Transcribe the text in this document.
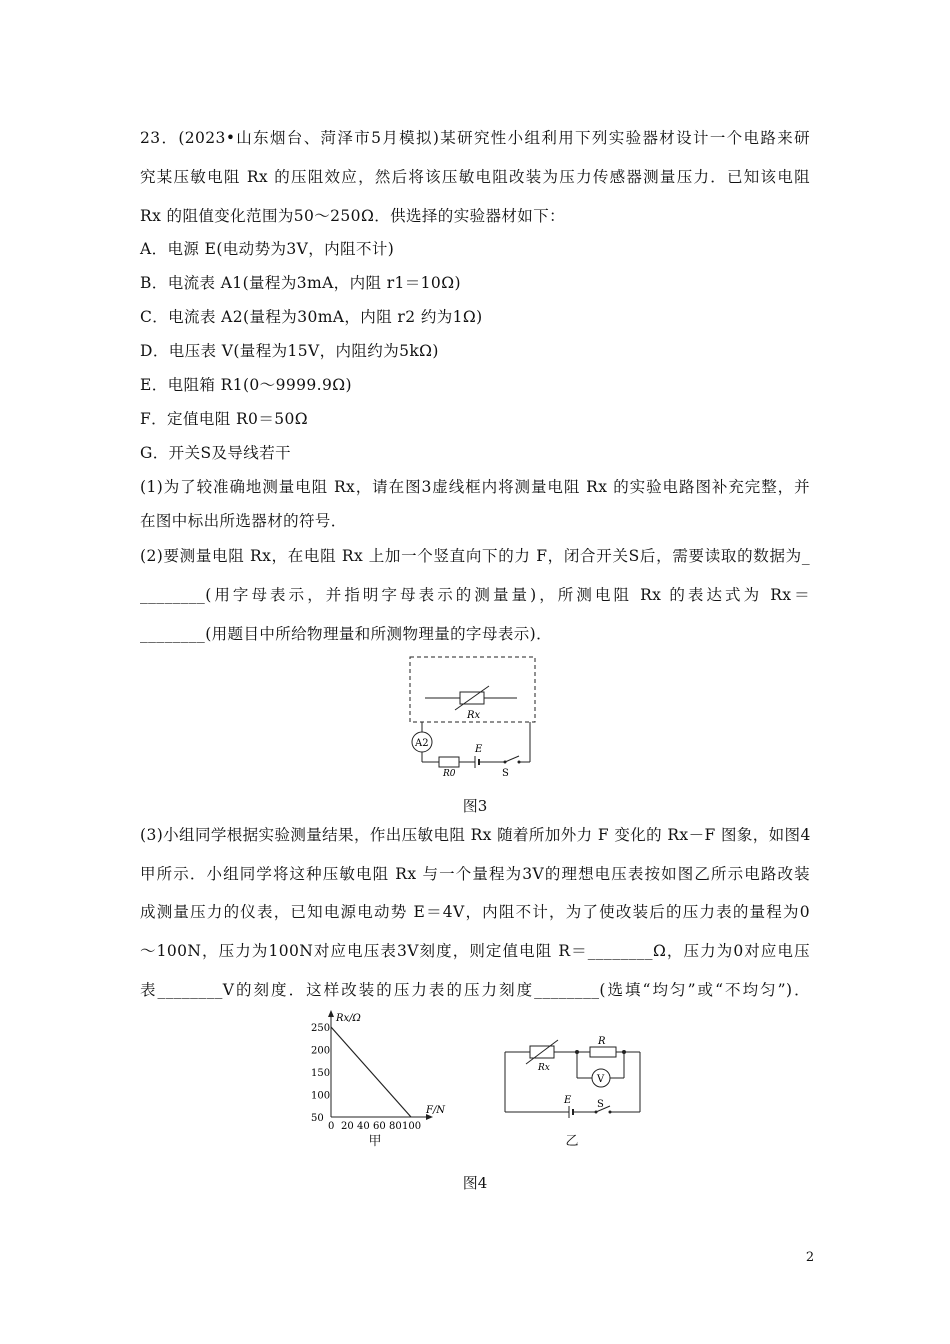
23．(2023•山东烟台、菏泽市5月模拟)某研究性小组利用下列实验器材设计一个电路来研
究某压敏电阻 Rx 的压阻效应，然后将该压敏电阻改装为压力传感器测量压力．已知该电阻
Rx 的阻值变化范围为50～250Ω．供选择的实验器材如下：
A．电源 E(电动势为3V，内阻不计)
B．电流表 A1(量程为3mA，内阻 r1＝10Ω)
C．电流表 A2(量程为30mA，内阻 r2 约为1Ω)
D．电压表 V(量程为15V，内阻约为5kΩ)
E．电阻箱 R1(0～9999.9Ω)
F．定值电阻 R0＝50Ω
G．开关S及导线若干
(1)为了较准确地测量电阻 Rx，请在图3虚线框内将测量电阻 Rx 的实验电路图补充完整，并
在图中标出所选器材的符号．
(2)要测量电阻 Rx，在电阻 Rx 上加一个竖直向下的力 F，闭合开关S后，需要读取的数据为_
________(用字母表示，并指明字母表示的测量量)，所测电阻 Rx 的表达式为 Rx＝
________(用题目中所给物理量和所测物理量的字母表示)．
Rx
A2
R0
E
S
图3
(3)小组同学根据实验测量结果，作出压敏电阻 Rx 随着所加外力 F 变化的 Rx－F 图象，如图4
甲所示．小组同学将这种压敏电阻 Rx 与一个量程为3V的理想电压表按如图乙所示电路改装
成测量压力的仪表，已知电源电动势 E＝4V，内阻不计，为了使改装后的压力表的量程为0
～100N，压力为100N对应电压表3V刻度，则定值电阻 R＝________Ω，压力为0对应电压
表________V的刻度．这样改装的压力表的压力刻度________(选填“均匀”或“不均匀”)．
Rx/Ω
F/N
0 20 40 60 80 100
50
100
150
200
250
Rx
R
V
E	S
甲	乙
图4
2
